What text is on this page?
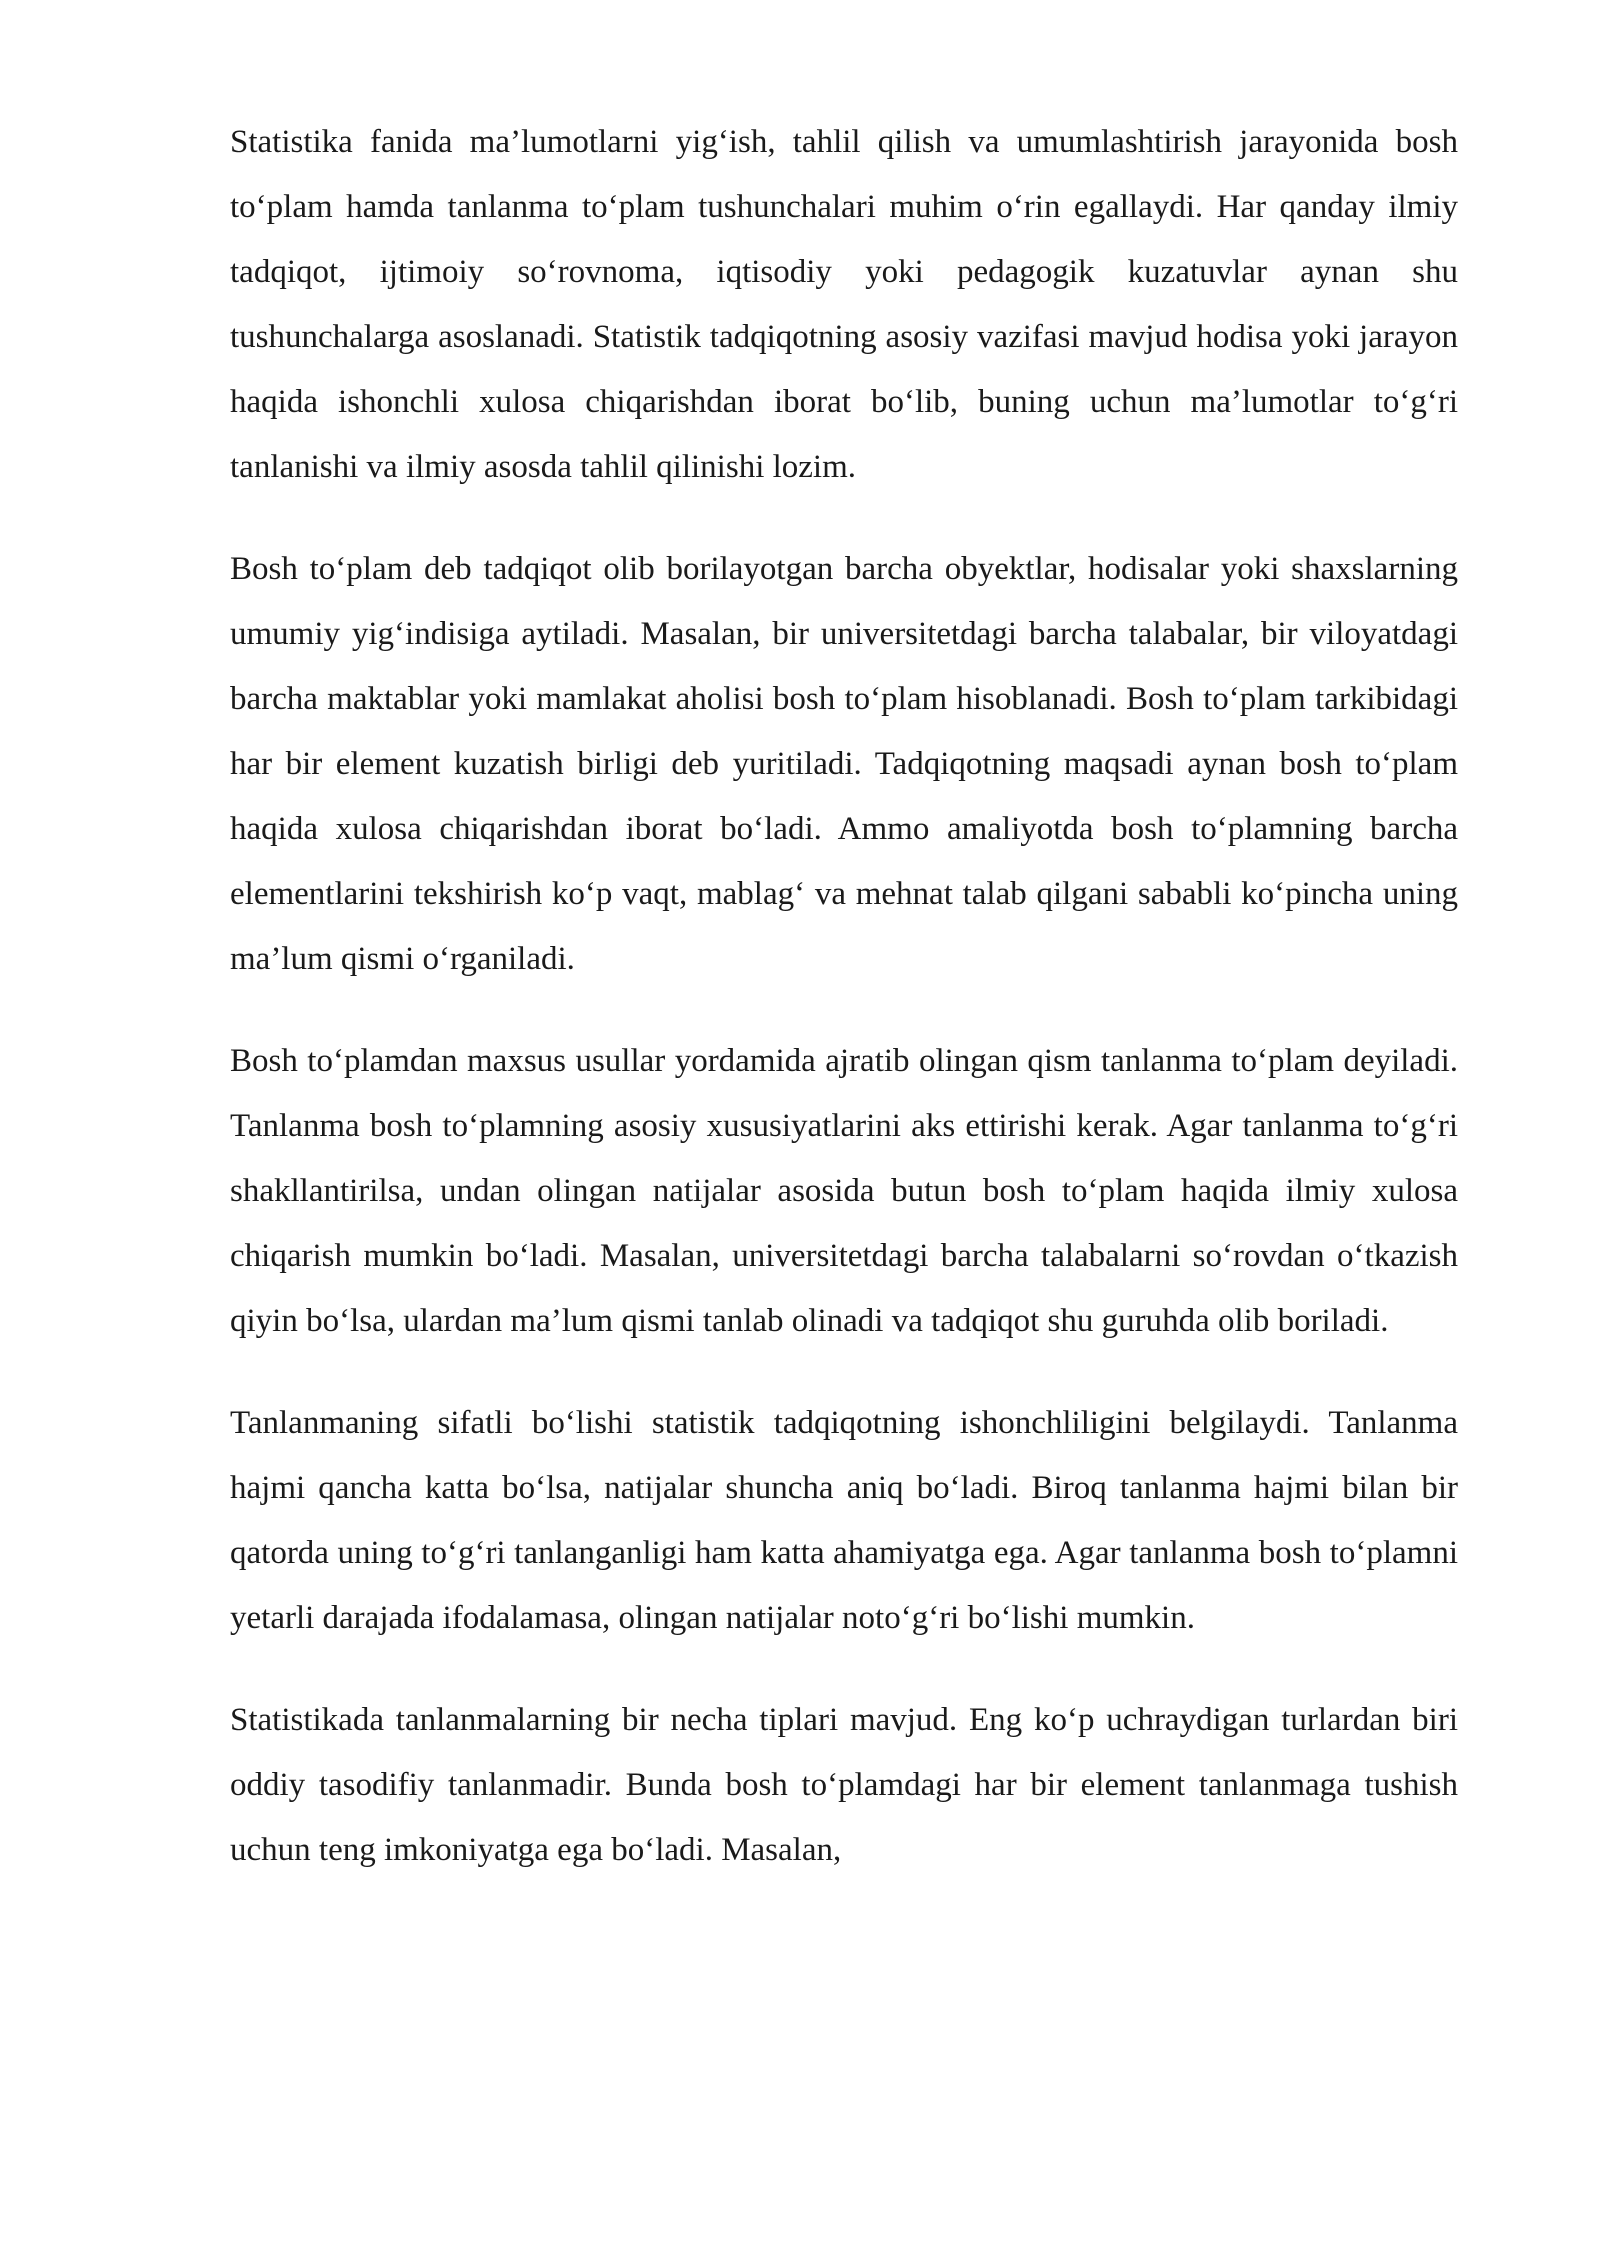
Statistika fanida ma’lumotlarni yig‘ish, tahlil qilish va umumlashtirish jarayonida bosh to‘plam hamda tanlanma to‘plam tushunchalari muhim o‘rin egallaydi. Har qanday ilmiy tadqiqot, ijtimoiy so‘rovnoma, iqtisodiy yoki pedagogik kuzatuvlar aynan shu tushunchalarga asoslanadi. Statistik tadqiqotning asosiy vazifasi mavjud hodisa yoki jarayon haqida ishonchli xulosa chiqarishdan iborat bo‘lib, buning uchun ma’lumotlar to‘g‘ri tanlanishi va ilmiy asosda tahlil qilinishi lozim.

Bosh to‘plam deb tadqiqot olib borilayotgan barcha obyektlar, hodisalar yoki shaxslarning umumiy yig‘indisiga aytiladi. Masalan, bir universitetdagi barcha talabalar, bir viloyatdagi barcha maktablar yoki mamlakat aholisi bosh to‘plam hisoblanadi. Bosh to‘plam tarkibidagi har bir element kuzatish birligi deb yuritiladi. Tadqiqotning maqsadi aynan bosh to‘plam haqida xulosa chiqarishdan iborat bo‘ladi. Ammo amaliyotda bosh to‘plamning barcha elementlarini tekshirish ko‘p vaqt, mablag‘ va mehnat talab qilgani sababli ko‘pincha uning ma’lum qismi o‘rganiladi.

Bosh to‘plamdan maxsus usullar yordamida ajratib olingan qism tanlanma to‘plam deyiladi. Tanlanma bosh to‘plamning asosiy xususiyatlarini aks ettirishi kerak. Agar tanlanma to‘g‘ri shakllantirilsa, undan olingan natijalar asosida butun bosh to‘plam haqida ilmiy xulosa chiqarish mumkin bo‘ladi. Masalan, universitetdagi barcha talabalarni so‘rovdan o‘tkazish qiyin bo‘lsa, ulardan ma’lum qismi tanlab olinadi va tadqiqot shu guruhda olib boriladi.

Tanlanmaning sifatli bo‘lishi statistik tadqiqotning ishonchliligini belgilaydi. Tanlanma hajmi qancha katta bo‘lsa, natijalar shuncha aniq bo‘ladi. Biroq tanlanma hajmi bilan bir qatorda uning to‘g‘ri tanlanganligi ham katta ahamiyatga ega. Agar tanlanma bosh to‘plamni yetarli darajada ifodalamasa, olingan natijalar noto‘g‘ri bo‘lishi mumkin.

Statistikada tanlanmalarning bir necha tiplari mavjud. Eng ko‘p uchraydigan turlardan biri oddiy tasodifiy tanlanmadir. Bunda bosh to‘plamdagi har bir element tanlanmaga tushish uchun teng imkoniyatga ega bo‘ladi. Masalan,
